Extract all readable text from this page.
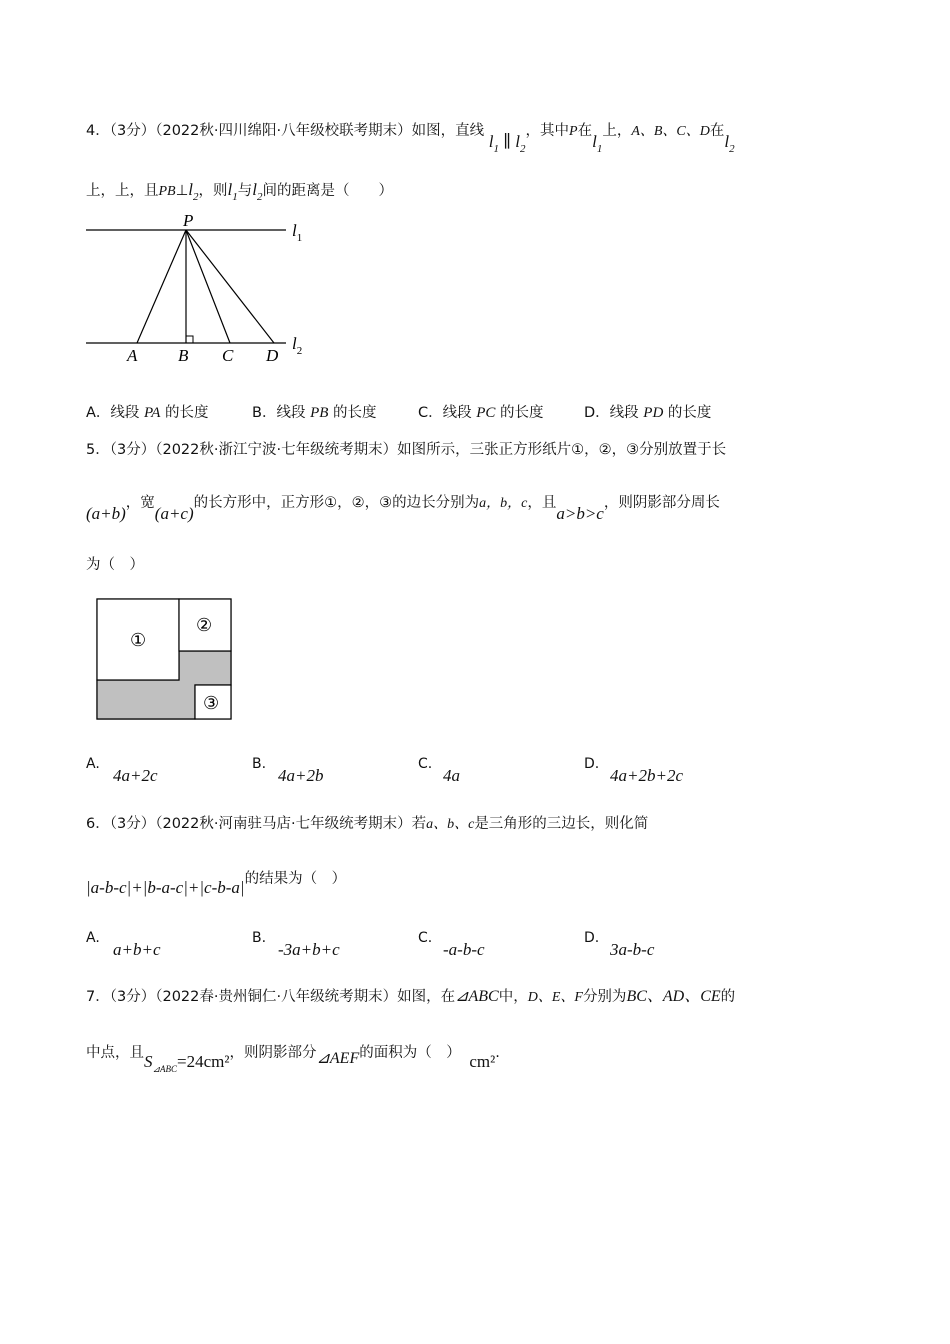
4．（3分）（2022秋·四川绵阳·八年级校联考期末）如图，直线 $l_1$ ∥ $l_2$，其中P在$l_1$上，A、B、C、D在$l_2$
上，上，且$PB\perp l_2$，则$l_1$与$l_2$间的距离是（　　）
P
A B C D
$l_1$
$l_2$
A．线段 PA 的长度	B．线段 PB 的长度	C．线段 PC 的长度	D．线段 PD 的长度
5．（3分）（2022秋·浙江宁波·七年级统考期末）如图所示，三张正方形纸片①，②，③分别放置于长
(a+b)，宽(a+c)的长方形中，正方形①，②，③的边长分别为a，b，c，且a>b>c，则阴影部分周长
为（　）
①
②
③
A.
4a+2c
B.
4a+2b
C.
4a
D.
4a+2b+2c
6．（3分）（2022秋·河南驻马店·七年级统考期末）若a、b、c是三角形的三边长，则化简
|a-b-c|+|b-a-c|+|c-b-a|的结果为（　）
A.
a+b+c
B.
-3a+b+c
C.
-a-b-c
D.
3a-b-c
7．（3分）（2022春·贵州铜仁·八年级统考期末）如图，在⊿ABC中，D、E、F分别为BC、AD、CE的
中点，且$S_{⊿ABC}=24cm^2$，则阴影部分⊿AEF的面积为（　） cm².
